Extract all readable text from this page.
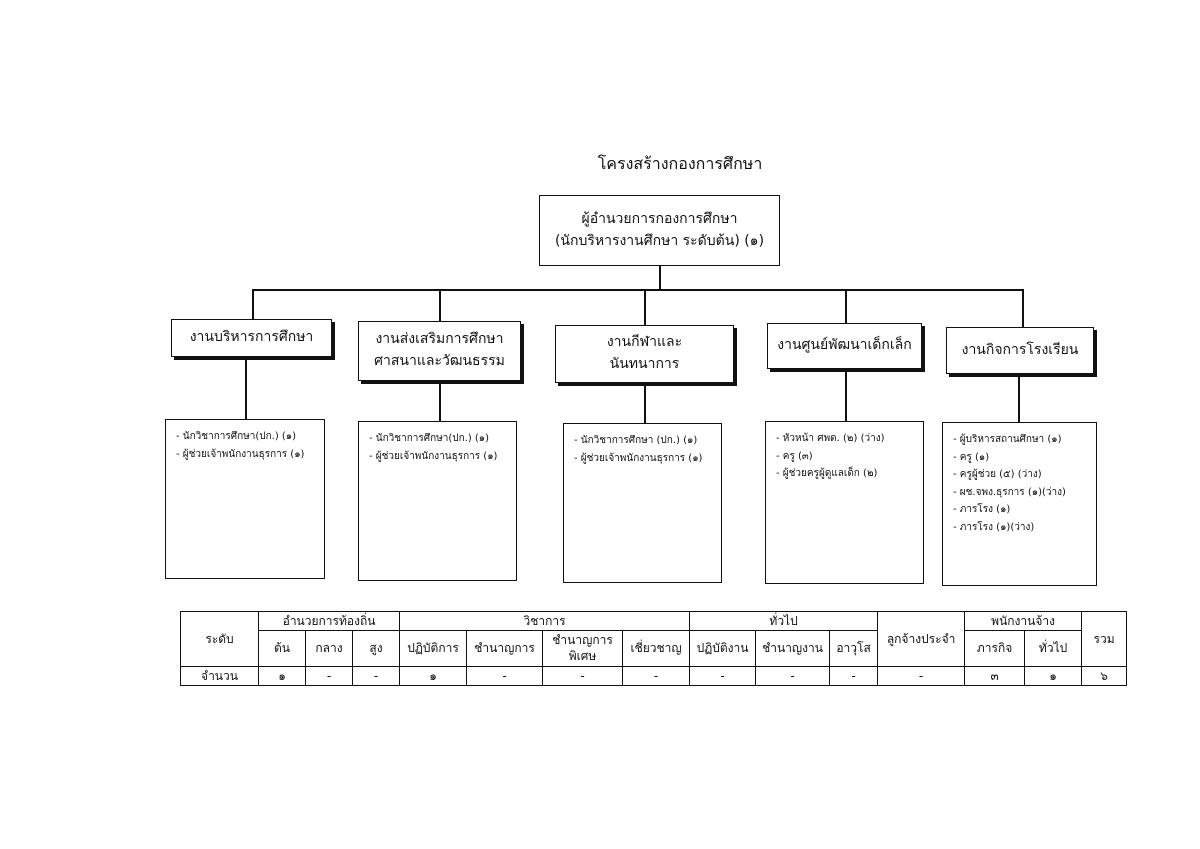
โครงสร้างกองการศึกษา
ผู้อำนวยการกองการศึกษา
(นักบริหารงานศึกษา ระดับต้น) (๑)
งานบริหารการศึกษา	งานส่งเสริมการศึกษา
ศาสนาและวัฒนธรรม
งานกีฬาและ
นันทนาการ
งานศูนย์พัฒนาเด็กเล็ก	งานกิจการโรงเรียน
- นักวิชาการศึกษา(ปก.) (๑)
- ผู้ช่วยเจ้าพนักงานธุรการ (๑)
- นักวิชาการศึกษา(ปก.) (๑)
- ผู้ช่วยเจ้าพนักงานธุรการ (๑)
- นักวิชาการศึกษา (ปก.) (๑)
- ผู้ช่วยเจ้าพนักงานธุรการ (๑)
- หัวหน้า ศพด. (๒) (ว่าง)
- ครู (๓)
- ผู้ช่วยครูผู้ดูแลเด็ก (๒)
- ผู้บริหารสถานศึกษา (๑)
- ครู (๑)
- ครูผู้ช่วย (๕) (ว่าง)
- ผช.จพง.ธุรการ (๑)(ว่าง)
- ภารโรง (๑)
- ภารโรง (๑)(ว่าง)
ระดับ	อำนวยการท้องถิ่น			วิชาการ				ทั่วไป			ลูกจ้างประจำ	พนักงานจ้าง		รวม
	ต้น	กลาง	สูง	ปฏิบัติการ	ชำนาญการ	ชำนาญการพิเศษ	เชี่ยวชาญ	ปฏิบัติงาน	ชำนาญงาน	อาวุโส		ภารกิจ	ทั่วไป	
จำนวน	๑	-	-	๑	-	-	-	-	-	-	-	๓	๑	๖
